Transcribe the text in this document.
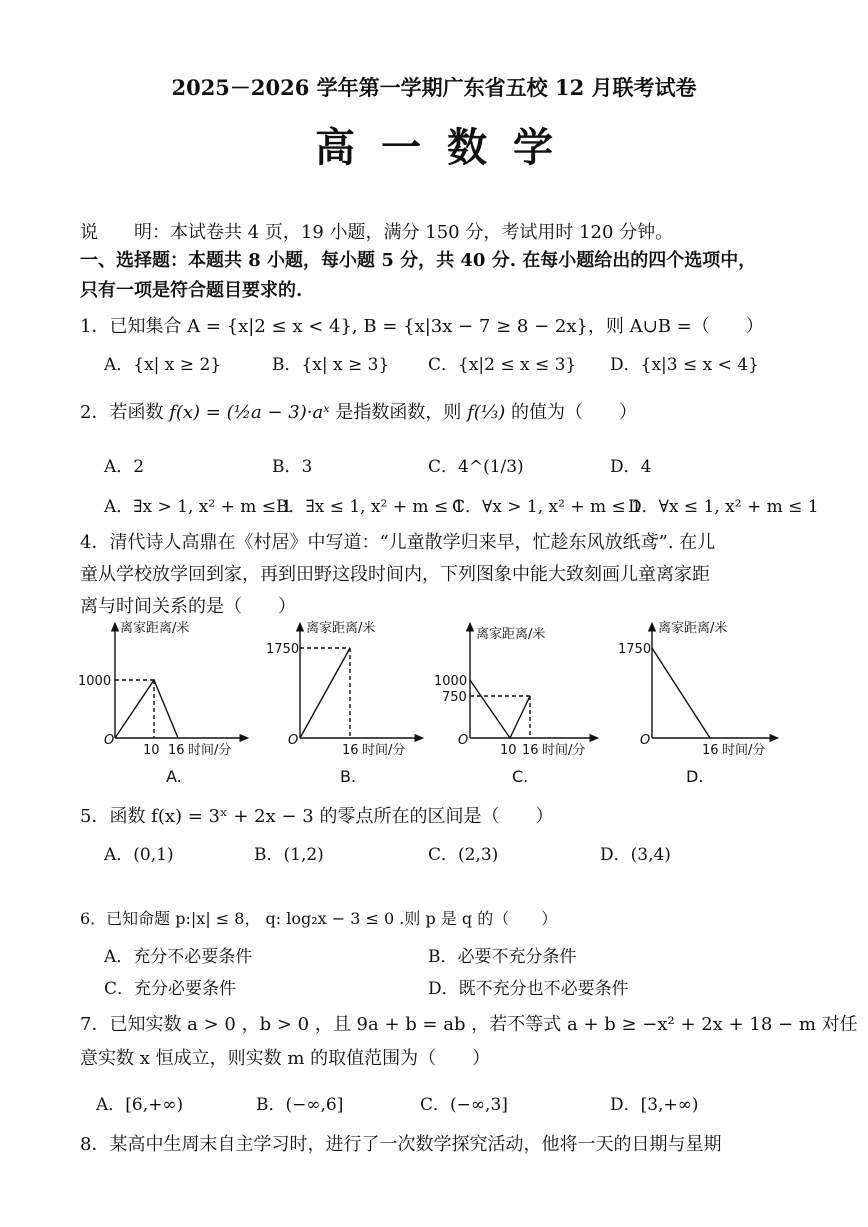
2025－2026 学年第一学期广东省五校 12 月联考试卷
高一数学
说　　明：本试卷共 4 页，19 小题，满分 150 分，考试用时 120 分钟。
一、选择题：本题共 8 小题，每小题 5 分，共 40 分. 在每小题给出的四个选项中，
只有一项是符合题目要求的.
1．已知集合 A = {x|2 ≤ x < 4}, B = {x|3x − 7 ≥ 8 − 2x}，则 A∪B =（　　）
A．{x| x ≥ 2}	B．{x| x ≥ 3} C．{x|2 ≤ x ≤ 3} D．{x|3 ≤ x < 4}
2．若函数 f(x) = (½a − 3)·aˣ 是指数函数，则 f(⅓) 的值为（　　）
A．2	B．3	C．4^(1/3)	D．4
A．∃x > 1, x² + m ≤ 1
B．∃x ≤ 1, x² + m ≤ 1
C．∀x > 1, x² + m ≤ 1
D．∀x ≤ 1, x² + m ≤ 1
4．清代诗人高鼎在《村居》中写道：“儿童散学归来早，忙趁东风放纸鸢”. 在儿
童从学校放学回到家，再到田野这段时间内，下列图象中能大致刻画儿童离家距
离与时间关系的是（　　）
离家距离/米
1000
O
10 16 时间/分
A.
离家距离/米
1750
O
16 时间/分
B.
离家距离/米
1000
750
O
10 16 时间/分
C.
离家距离/米
1750
O
16 时间/分
D.
5．函数 f(x) = 3ˣ + 2x − 3 的零点所在的区间是（　　）
A．(0,1)	B．(1,2)	C．(2,3)	D．(3,4)
6．已知命题 p:|x| ≤ 8， q: log₂x − 3 ≤ 0 .则 p 是 q 的（　　）
A．充分不必要条件	B．必要不充分条件
C．充分必要条件	D．既不充分也不必要条件
7．已知实数 a > 0 ，b > 0 ，且 9a + b = ab ，若不等式 a + b ≥ −x² + 2x + 18 − m 对任
意实数 x 恒成立，则实数 m 的取值范围为（　　）
A．[6,+∞)	B．(−∞,6]	C．(−∞,3]	D．[3,+∞)
8．某高中生周末自主学习时，进行了一次数学探究活动，他将一天的日期与星期
